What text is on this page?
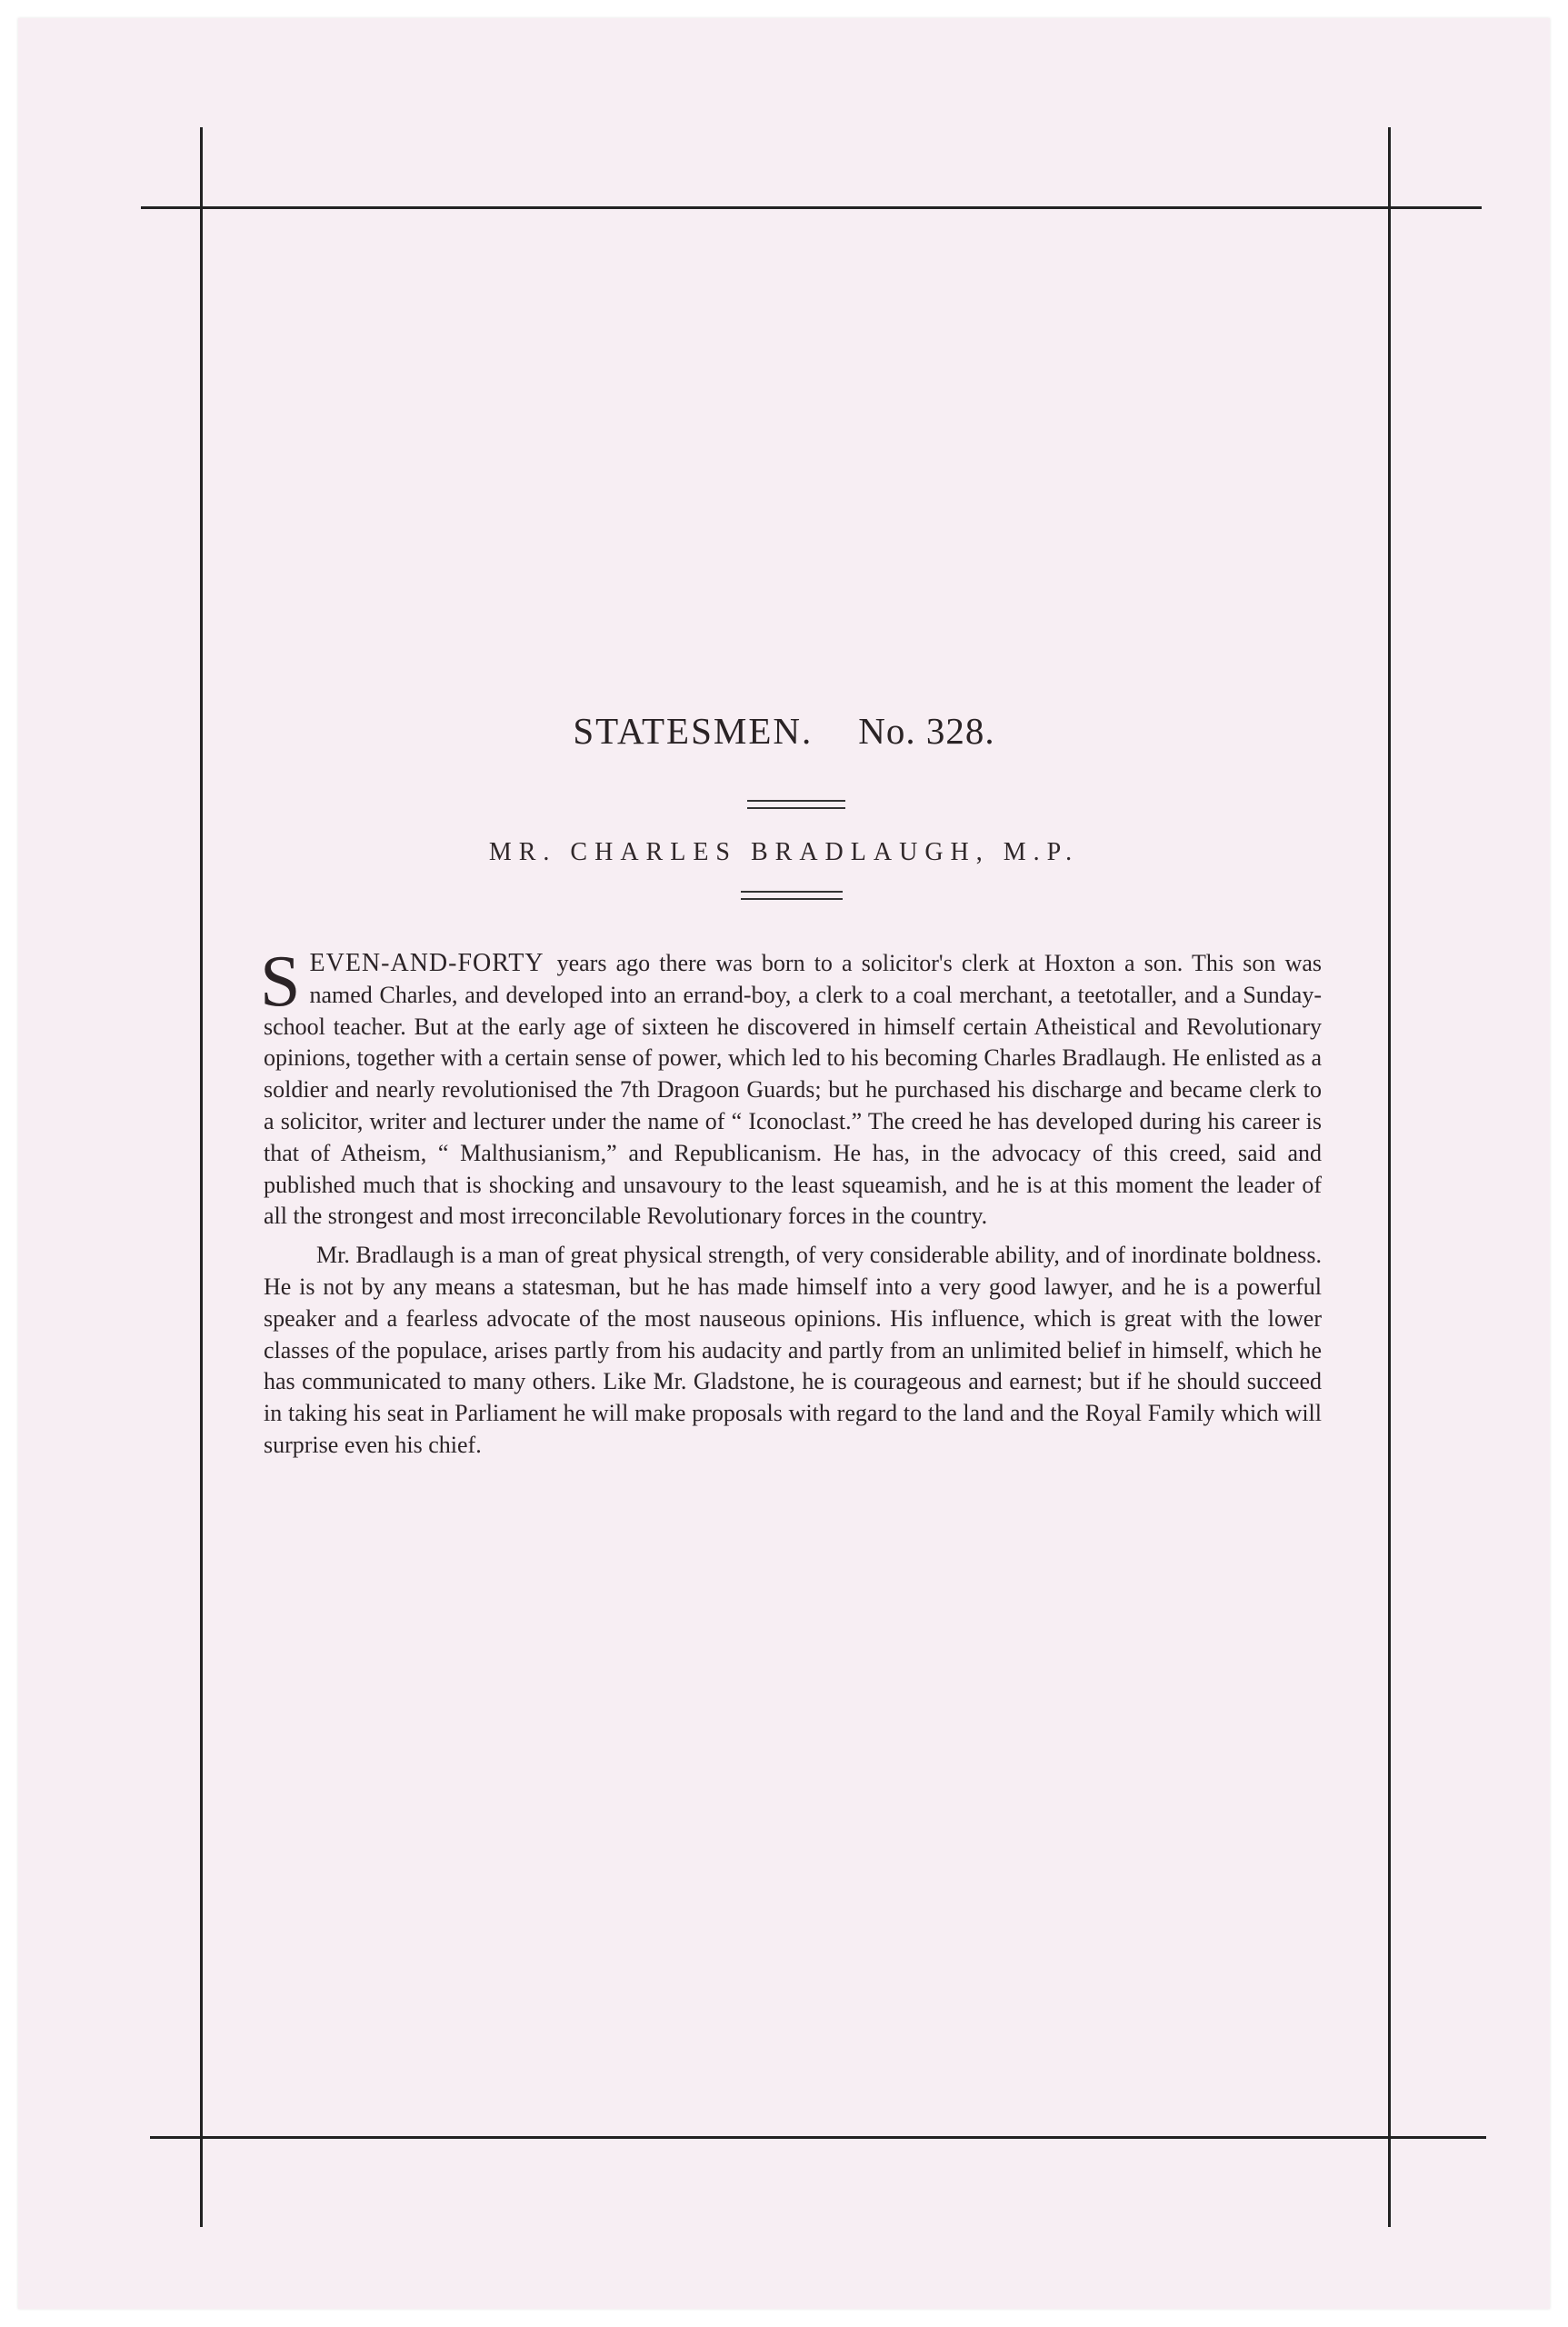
STATESMEN. No. 328.
MR. CHARLES BRADLAUGH, M.P.

SEVEN-AND-FORTY years ago there was born to a solicitor's clerk at Hoxton a son. This son was named Charles, and developed into an errand-boy, a clerk to a coal merchant, a teetotaller, and a Sunday-school teacher. But at the early age of sixteen he discovered in himself certain Atheistical and Revolutionary opinions, together with a certain sense of power, which led to his becoming Charles Bradlaugh. He enlisted as a soldier and nearly revolutionised the 7th Dragoon Guards; but he purchased his discharge and became clerk to a solicitor, writer and lecturer under the name of “ Iconoclast.” The creed he has developed during his career is that of Atheism, “ Malthusianism,” and Republicanism. He has, in the advocacy of this creed, said and published much that is shocking and unsavoury to the least squeamish, and he is at this moment the leader of all the strongest and most irreconcilable Revolutionary forces in the country.

Mr. Bradlaugh is a man of great physical strength, of very considerable ability, and of inordinate boldness. He is not by any means a statesman, but he has made himself into a very good lawyer, and he is a powerful speaker and a fearless advocate of the most nauseous opinions. His influence, which is great with the lower classes of the populace, arises partly from his audacity and partly from an unlimited belief in himself, which he has communicated to many others. Like Mr. Gladstone, he is courageous and earnest; but if he should succeed in taking his seat in Parliament he will make proposals with regard to the land and the Royal Family which will surprise even his chief.
